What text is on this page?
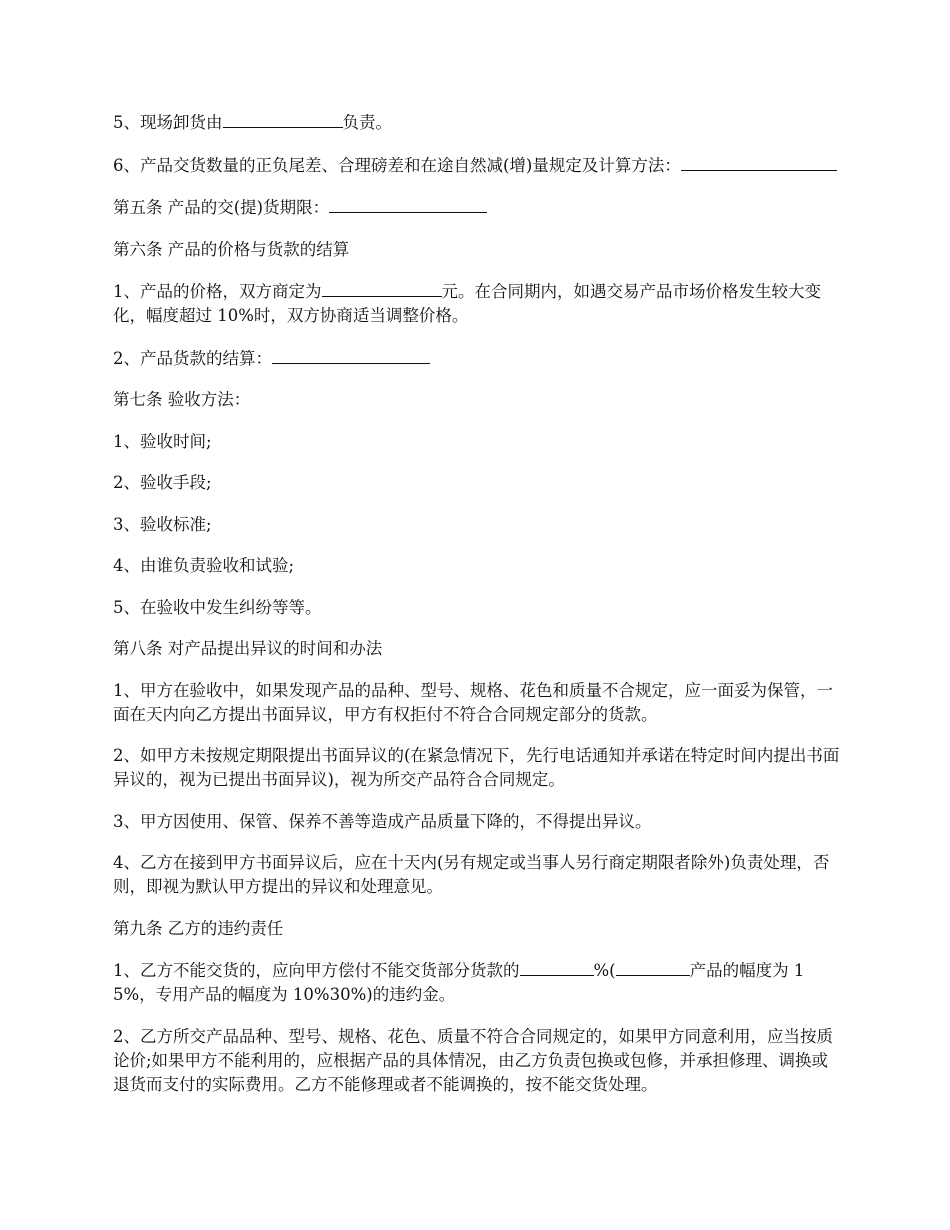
5、现场卸货由	负责。

6、产品交货数量的正负尾差、合理磅差和在途自然减(增)量规定及计算方法：

第五条 产品的交(提)货期限：

第六条 产品的价格与货款的结算

1、产品的价格，双方商定为	元。在合同期内，如遇交易产品市场价格发生较大变化，幅度超过 10%时，双方协商适当调整价格。

2、产品货款的结算：

第七条 验收方法：

1、验收时间;

2、验收手段;

3、验收标准;

4、由谁负责验收和试验;

5、在验收中发生纠纷等等。

第八条 对产品提出异议的时间和办法

1、甲方在验收中，如果发现产品的品种、型号、规格、花色和质量不合规定，应一面妥为保管，一面在天内向乙方提出书面异议，甲方有权拒付不符合合同规定部分的货款。

2、如甲方未按规定期限提出书面异议的(在紧急情况下，先行电话通知并承诺在特定时间内提出书面异议的，视为已提出书面异议)，视为所交产品符合合同规定。

3、甲方因使用、保管、保养不善等造成产品质量下降的，不得提出异议。

4、乙方在接到甲方书面异议后，应在十天内(另有规定或当事人另行商定期限者除外)负责处理，否则，即视为默认甲方提出的异议和处理意见。

第九条 乙方的违约责任

1、乙方不能交货的，应向甲方偿付不能交货部分货款的	%(	产品的幅度为 15%，专用产品的幅度为 10%30%)的违约金。

2、乙方所交产品品种、型号、规格、花色、质量不符合合同规定的，如果甲方同意利用，应当按质论价;如果甲方不能利用的，应根据产品的具体情况，由乙方负责包换或包修，并承担修理、调换或退货而支付的实际费用。乙方不能修理或者不能调换的，按不能交货处理。
